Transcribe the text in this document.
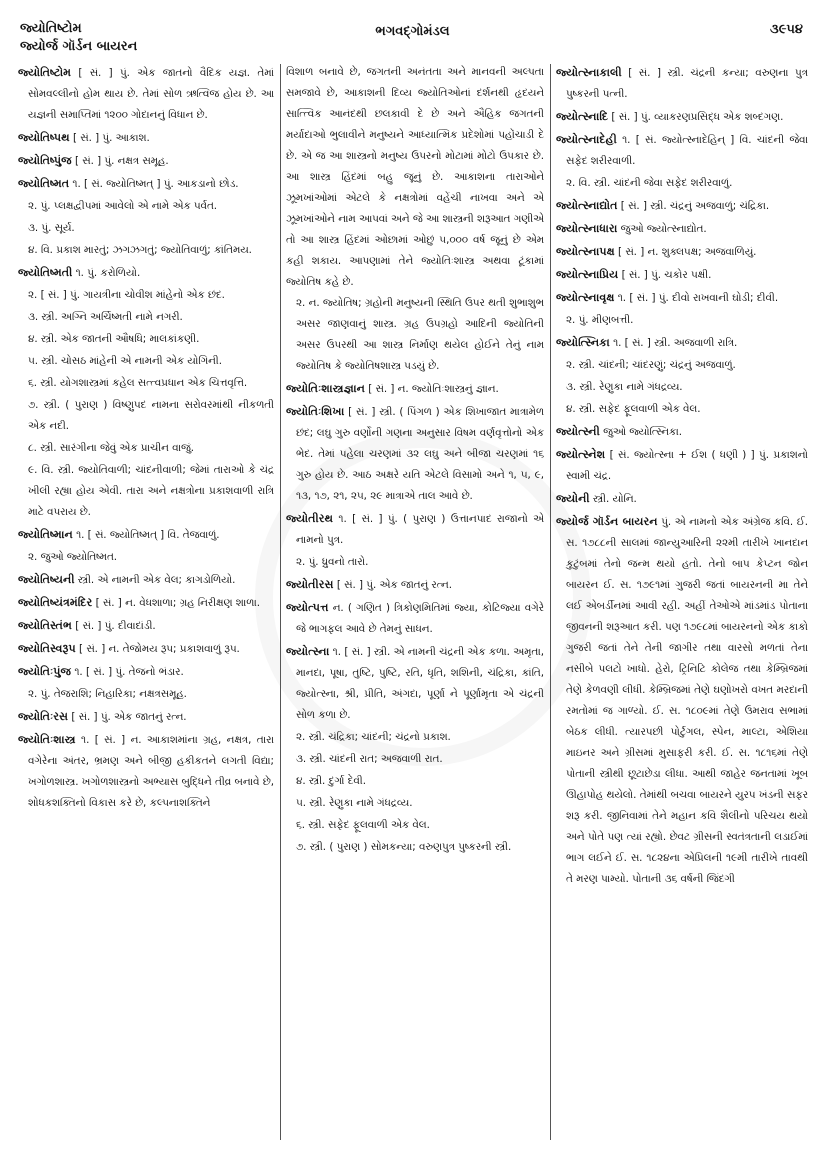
જ્યોતિષ્ટોમ
જ્યોર્જ ગૉર્ડન બાયરન
ભગવદ્ગોમંડલ	૩૯૫૪
જ્યોતિષ્ટોમ [ સં. ] પું. એક જાતનો વૈદિક યજ્ઞ. તેમાં સોમવલ્લીનો હોમ થાય છે. તેમાં સોળ ઋત્વિજ હોય છે. આ યજ્ઞની સમાપ્તિમાં ૧૨૦૦ ગોદાનનું વિધાન છે.
જ્યોતિષ્પથ [ સં. ] પું. આકાશ.
જ્યોતિષ્પુંજ [ સં. ] પું. નક્ષત્ર સમૂહ.
જ્યોતિષ્મત ૧. [ સં. જ્યોતિષ્મત્ ] પું. આકડાનો છોડ.
૨. પું. પ્લક્ષદ્વીપમાં આવેલો એ નામે એક પર્વત.
૩. પું. સૂર્ય.
૪. વિ. પ્રકાશ મારતું; ઝગઝગતું; જ્યોતિવાળું; કાંતિમય.
જ્યોતિષ્મતી ૧. પું. કરોળિયો.
૨. [ સં. ] પું. ગાયત્રીના ચોવીશ માંહેનો એક છંદ.
૩. સ્ત્રી. અગ્નિ અર્ચિષ્મતી નામે નગરી.
૪. સ્ત્રી. એક જાતની ઔષધિ; માલકાંકણી.
૫. સ્ત્રી. ચોસઠ માંહેની એ નામની એક યોગિની.
૬. સ્ત્રી. યોગશાસ્ત્રમાં કહેલ સત્ત્વપ્રધાન એક ચિત્તવૃત્તિ.
૭. સ્ત્રી. ( પુરાણ ) વિષ્ણુપદ નામના સરોવરમાંથી નીકળતી એક નદી.
૮. સ્ત્રી. સારંગીના જેવું એક પ્રાચીન વાજું.
૯. વિ. સ્ત્રી. જ્યોતિવાળી; ચાંદનીવાળી; જેમાં તારાઓ કે ચંદ્ર ખીલી રહ્યા હોય એવી. તારા અને નક્ષત્રોના પ્રકાશવાળી રાત્રિ માટે વપરાય છે.
જ્યોતિષ્માન ૧. [ સં. જ્યોતિષ્મત્ ] વિ. તેજવાળું.
૨. જુઓ જ્યોતિષ્મત.
જ્યોતિષ્યની સ્ત્રી. એ નામની એક વેલ; કાગડોળિયો.
જ્યોતિષ્યંત્રમંદિર [ સં. ] ન. વેધશાળા; ગ્રહ નિરીક્ષણ શાળા.
જ્યોતિસ્તંભ [ સં. ] પું. દીવાદાંડી.
જ્યોતિસ્વરૂપ [ સં. ] ન. તેજોમય રૂપ; પ્રકાશવાળું રૂપ.
જ્યોતિઃપુંજ ૧. [ સં. ] પું. તેજનો ભંડાર.
૨. પું. તેજરાશિ; નિહારિકા; નક્ષત્રસમૂહ.
જ્યોતિઃરસ [ સં. ] પું. એક જાતનું રત્ન.
જ્યોતિઃશાસ્ત્ર ૧. [ સં. ] ન. આકાશમાંના ગ્રહ, નક્ષત્ર, તારા વગેરેના અંતર, ભ્રમણ અને બીજી હકીકતને લગતી વિદ્યા; ખગોળશાસ્ત્ર. ખગોળશાસ્ત્રનો અભ્યાસ બુદ્ધિને તીવ્ર બનાવે છે, શોધકશક્તિનો વિકાસ કરે છે, કલ્પનાશક્તિને
વિશાળ બનાવે છે, જગતની અનંતતા અને માનવની અલ્પતા સમજાવે છે, આકાશની દિવ્ય જ્યોતિઓનાં દર્શનથી હૃદયને સાત્ત્વિક આનંદથી છલકાવી દે છે અને ઐહિક જગતની મર્યાદાઓ ભુલાવીને મનુષ્યને આધ્યાત્મિક પ્રદેશોમાં પહોંચાડી દે છે. એ જ આ શાસ્ત્રનો મનુષ્ય ઉપરનો મોટામાં મોટો ઉપકાર છે. આ શાસ્ત્ર હિંદમાં બહુ જૂનું છે. આકાશના તારાઓને ઝૂમખાંઓમાં એટલે કે નક્ષત્રોમાં વહેંચી નાખવા અને એ ઝૂમખાંઓને નામ આપવાં અને જે આ શાસ્ત્રની શરૂઆત ગણીએ તો આ શાસ્ત્ર હિંદમાં ઓછામાં ઓછું ૫,૦૦૦ વર્ષ જૂનું છે એમ કહી શકાય. આપણામાં તેને જ્યોતિઃશાસ્ત્ર અથવા ટૂંકામાં જ્યોતિષ કહે છે.
૨. ન. જ્યોતિષ; ગ્રહોની મનુષ્યની સ્થિતિ ઉપર થતી શુભાશુભ અસર જાણવાનું શાસ્ત્ર. ગ્રહ ઉપગ્રહો આદિની જ્યોતિની અસર ઉપરથી આ શાસ્ત્ર નિર્માણ થયેલ હોઈને તેનું નામ જ્યોતિષ કે જ્યોતિષશાસ્ત્ર પડયું છે.
જ્યોતિઃશાસ્ત્રજ્ઞાન [ સં. ] ન. જ્યોતિઃશાસ્ત્રનું જ્ઞાન.
જ્યોતિઃશિખા [ સં. ] સ્ત્રી. ( પિંગળ ) એક શિખાજાત માત્રામેળ છંદ; લઘુ ગુરુ વર્ણોની ગણના અનુસાર વિષમ વર્ણવૃત્તોનો એક ભેદ. તેમાં પહેલા ચરણમાં ૩૨ લઘુ અને બીજા ચરણમાં ૧૬ ગુરુ હોય છે. આઠ અક્ષરે યતિ એટલે વિસામો અને ૧, ૫, ૯, ૧૩, ૧૭, ૨૧, ૨૫, ૨૯ માત્રાએ તાલ આવે છે.
જ્યોતીરથ ૧. [ સં. ] પું. ( પુરાણ ) ઉત્તાનપાદ રાજાનો એ નામનો પુત્ર.
૨. પું. ધ્રુવનો તારો.
જ્યોતીરસ [ સં. ] પું. એક જાતનું રત્ન.
જ્યોત્પત્ત ન. ( ગણિત ) ત્રિકોણમિતિમાં જ્યા, કોટિજ્યા વગેરે જે ભાગફલ આવે છે તેમનું સાધન.
જ્યોત્સ્ના ૧. [ સં. ] સ્ત્રી. એ નામની ચંદ્રની એક કળા. અમૃતા, માનદા, પૂષા, તુષ્ટિ, પુષ્ટિ, રતિ, ધૃતિ, શશિની, ચંદ્રિકા, કાંતિ, જ્યોત્સ્ના, શ્રી, પ્રીતિ, અંગદા, પૂર્ણા ને પૂર્ણામૃતા એ ચંદ્રની સોળ કળા છે.
૨. સ્ત્રી. ચંદ્રિકા; ચાંદની; ચંદ્રનો પ્રકાશ.
૩. સ્ત્રી. ચાંદની રાત; અજવાળી રાત.
૪. સ્ત્રી. દુર્ગા દેવી.
૫. સ્ત્રી. રેણુકા નામે ગંધદ્રવ્ય.
૬. સ્ત્રી. સફેદ ફૂલવાળી એક વેલ.
૭. સ્ત્રી. ( પુરાણ ) સોમકન્યા; વરુણપુત્ર પુષ્કરની સ્ત્રી.
જ્યોત્સ્નાકાલી [ સં. ] સ્ત્રી. ચંદ્રની કન્યા; વરુણના પુત્ર પુષ્કરની પત્ની.
જ્યોત્સ્નાદિ [ સં. ] પું. વ્યાકરણપ્રસિદ્ધ એક શબ્દગણ.
જ્યોત્સ્નાદેહી ૧. [ સં. જ્યોત્સ્નાદેહિન્ ] વિ. ચાંદની જેવા સફેદ શરીરવાળી.
૨. વિ. સ્ત્રી. ચાંદની જેવા સફેદ શરીરવાળું.
જ્યોત્સ્નાદ્યોત [ સં. ] સ્ત્રી. ચંદ્રનું અજવાળું; ચંદ્રિકા.
જ્યોત્સ્નાધારા જુઓ જ્યોત્સ્નાદ્યોત.
જ્યોત્સ્નાપક્ષ [ સં. ] ન. શુક્લપક્ષ; અજવાળિયું.
જ્યોત્સ્નાપ્રિય [ સં. ] પું. ચકોર પક્ષી.
જ્યોત્સ્નાવૃક્ષ ૧. [ સં. ] પું. દીવો રાખવાની ઘોડી; દીવી.
૨. પું. મીણબત્તી.
જ્યોત્સ્નિકા ૧. [ સં. ] સ્ત્રી. અજવાળી રાત્રિ.
૨. સ્ત્રી. ચાંદની; ચાંદરણું; ચંદ્રનું અજવાળું.
૩. સ્ત્રી. રેણુકા નામે ગંધદ્રવ્ય.
૪. સ્ત્રી. સફેદ ફૂલવાળી એક વેલ.
જ્યોત્સ્ની જુઓ જ્યોત્સ્નિકા.
જ્યોત્સ્નેશ [ સં. જ્યોત્સ્ના + ઈશ ( ધણી ) ] પું. પ્રકાશનો સ્વામી ચંદ્ર.
જ્યોની સ્ત્રી. યોનિ.
જ્યોર્જ ગૉર્ડન બાયરન પું. એ નામનો એક અંગ્રેજ કવિ. ઈ. સ. ૧૭૮૮ની સાલમાં જાન્યુઆરિની ૨૨મી તારીખે ખાનદાન કુટુંબમાં તેનો જન્મ થયો હતો. તેનો બાપ કેપ્ટન જોન બાયરન ઈ. સ. ૧૭૯૧માં ગુજરી જતાં બાયરનની મા તેને લઈ એબર્ડીનમાં આવી રહી. અહીં તેઓએ માંડમાંડ પોતાના જીવનની શરૂઆત કરી. પણ ૧૭૯૮માં બાયરનનો એક કાકો ગુજરી જતાં તેને તેની જાગીર તથા વારસો મળતાં તેના નસીબે પલટો ખાધો. હેરો, ટ્રિનિટિ કોલેજ તથા કેમ્બ્રિજમાં તેણે કેળવણી લીધી. કેમ્બ્રિજમાં તેણે ઘણોખરો વખત મરદાની રમતોમાં જ ગાળ્યો. ઈ. સ. ૧૮૦૯માં તેણે ઉમરાવ સભામાં બેઠક લીધી. ત્યારપછી પોર્ટુગલ, સ્પેન, માલ્ટા, એશિયા માઇનર અને ગ્રીસમાં મુસાફરી કરી. ઈ. સ. ૧૮૧૬માં તેણે પોતાની સ્ત્રીથી છૂટાછેડા લીધા. આથી જાહેર જનતામાં ખૂબ ઊહાપોહ થયેલો. તેમાંથી બચવા બાયરને યુરપ ખંડની સફર શરૂ કરી. જીનિવામાં તેને મહાન કવિ શૈલીનો પરિચય થયો અને પોતે પણ ત્યાં રહ્યો. છેવટ ગ્રીસની સ્વતંત્રતાની લડાઈમાં ભાગ લઈને ઈ. સ. ૧૮૨૪ના એપ્રિલની ૧૯મી તારીખે તાવથી તે મરણ પામ્યો. પોતાની ૩૬ વર્ષની જિંદગી
